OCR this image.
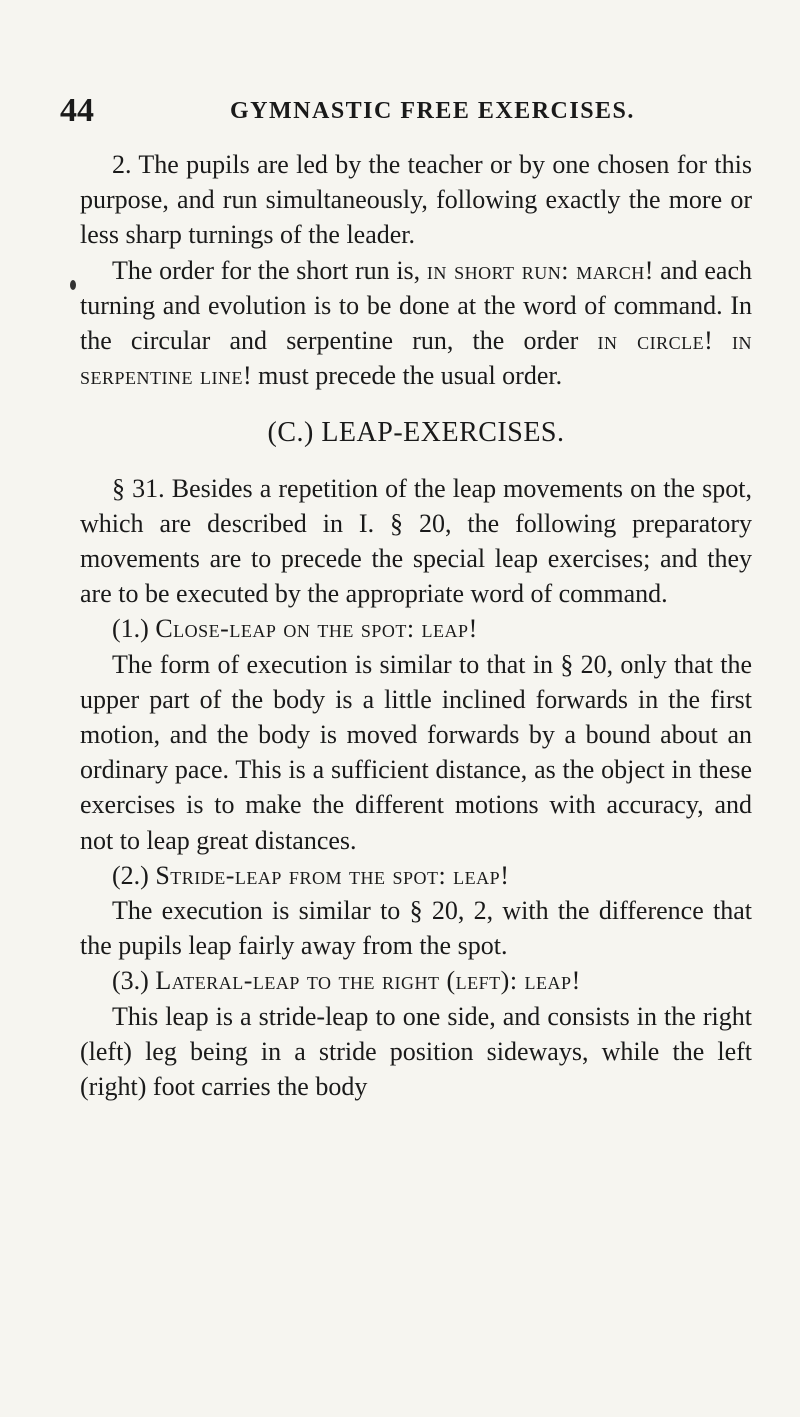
44	GYMNASTIC FREE EXERCISES.

2. The pupils are led by the teacher or by one chosen for this purpose, and run simultaneously, following exactly the more or less sharp turnings of the leader.

The order for the short run is, in short run: march! and each turning and evolution is to be done at the word of command. In the circular and serpentine run, the order in circle! in serpentine line! must precede the usual order.

(C.) LEAP-EXERCISES.

§ 31. Besides a repetition of the leap movements on the spot, which are described in I. § 20, the following preparatory movements are to precede the special leap exercises; and they are to be executed by the appropriate word of command.

(1.) Close-leap on the spot: leap!

The form of execution is similar to that in § 20, only that the upper part of the body is a little inclined forwards in the first motion, and the body is moved forwards by a bound about an ordinary pace. This is a sufficient distance, as the object in these exercises is to make the different motions with accuracy, and not to leap great distances.

(2.) Stride-leap from the spot: leap!

The execution is similar to § 20, 2, with the difference that the pupils leap fairly away from the spot.

(3.) Lateral-leap to the right (left): leap!

This leap is a stride-leap to one side, and consists in the right (left) leg being in a stride position sideways, while the left (right) foot carries the body
